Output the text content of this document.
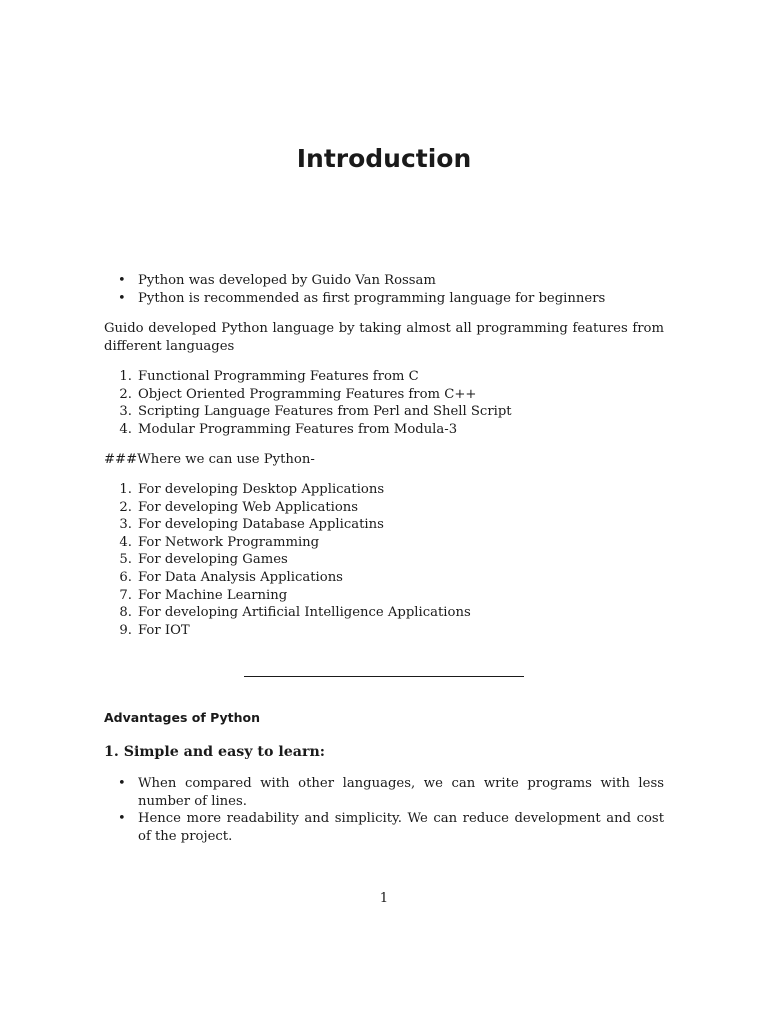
Introduction
• Python was developed by Guido Van Rossam
• Python is recommended as first programming language for beginners

Guido developed Python language by taking almost all programming features from different languages

1. Functional Programming Features from C
2. Object Oriented Programming Features from C++
3. Scripting Language Features from Perl and Shell Script
4. Modular Programming Features from Modula-3

###Where we can use Python-

1. For developing Desktop Applications
2. For developing Web Applications
3. For developing Database Applicatins
4. For Network Programming
5. For developing Games
6. For Data Analysis Applications
7. For Machine Learning
8. For developing Artificial Intelligence Applications
9. For IOT
Advantages of Python
1. Simple and easy to learn:
• When compared with other languages, we can write programs with less number of lines.
• Hence more readability and simplicity. We can reduce development and cost of the project.

1
